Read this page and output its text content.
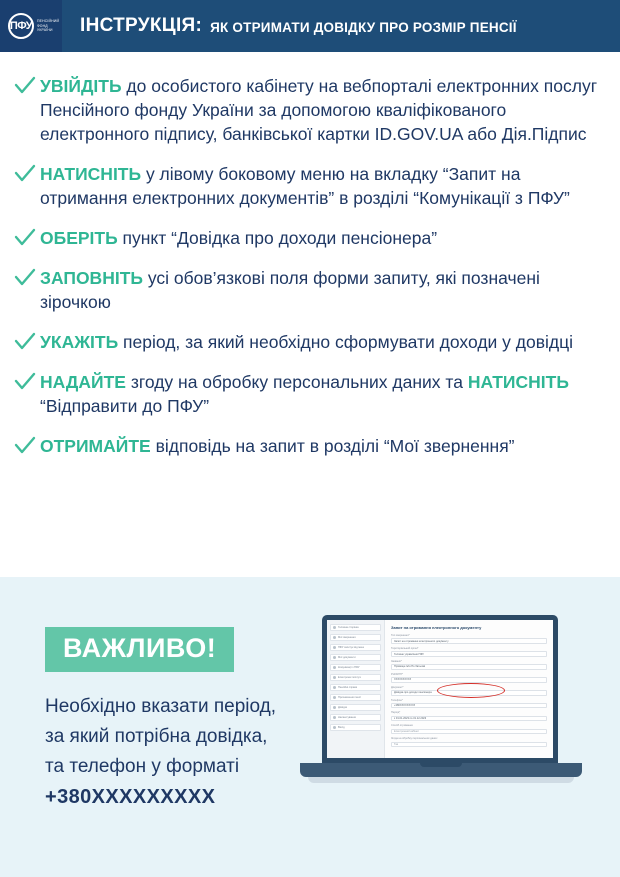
ПФУ	ПЕНСІЙНИЙ ФОНД УКРАЇНИ	ІНСТРУКЦІЯ: ЯК ОТРИМАТИ ДОВІДКУ ПРО РОЗМІР ПЕНСІЇ
УВІЙДІТЬ до особистого кабінету на вебпорталі електронних послуг Пенсійного фонду України за допомогою кваліфікованого електронного підпису, банківської картки ID.GOV.UA або Дія.Підпис
НАТИСНІТЬ у лівому боковому меню на вкладку “Запит на отримання електронних документів” в розділі “Комунікації з ПФУ”
ОБЕРІТЬ пункт “Довідка про доходи пенсіонера”
ЗАПОВНІТЬ усі обов’язкові поля форми запиту, які позначені зірочкою
УКАЖІТЬ період, за який необхідно сформувати доходи у довідці
НАДАЙТЕ згоду на обробку персональних даних та НАТИСНІТЬ “Відправити до ПФУ”
ОТРИМАЙТЕ відповідь на запит в розділі “Мої звернення”
ВАЖЛИВО!
Необхідно вказати період,
за який потрібна довідка,
та телефон у форматі
+380XXXXXXXXX
Головна сторінка
Мої звернення
ПФУ запитує від мене
Мої документи
Комунікації з ПФУ
Електронні послуги
Пенсійні справи
Призначення пенсії
Довідки
Налаштування
Вихід
Запит на отримання електронного документу
Тип звернення*
Запит на отримання електронного документу
Територіальний орган*
Головне управління ПФУ
Заявник*
Прізвище Ім'я По батькові
РНОКПП*
XXXXXXXXXX
Документ*
Довідка про доходи пенсіонера
Телефон*
+380XXXXXXXXX
Період*
з 01.01.2023 по 31.12.2023
Спосіб отримання
Електронний кабінет
Згода на обробку персональних даних
Так
Відправити до ПФУ
